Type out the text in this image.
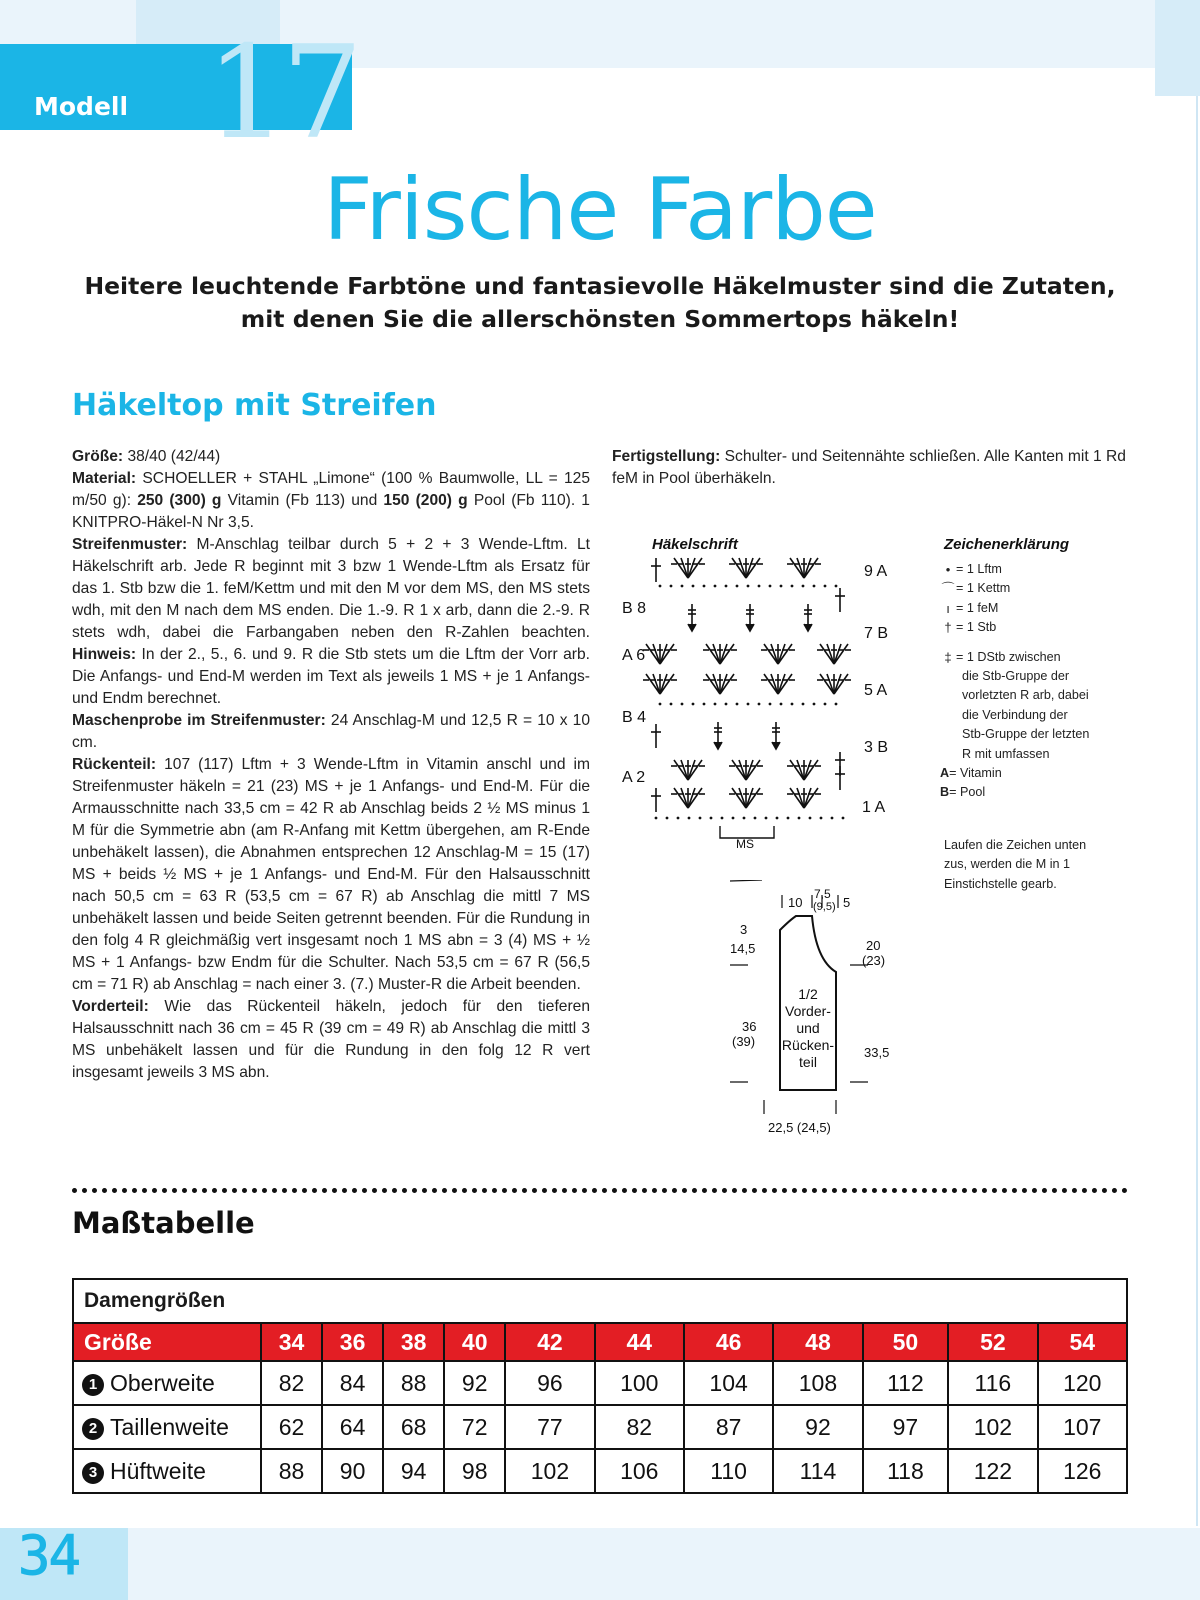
Modell 17
Frische Farbe
Heitere leuchtende Farbtöne und fantasievolle Häkelmuster sind die Zutaten,
mit denen Sie die allerschönsten Sommertops häkeln!
Häkeltop mit Streifen

Größe: 38/40 (42/44)

Material: SCHOELLER + STAHL „Limone“ (100 % Baumwolle, LL = 125 m/50 g): 250 (300) g Vitamin (Fb 113) und 150 (200) g Pool (Fb 110). 1 KNITPRO-Häkel-N Nr 3,5.

Streifenmuster: M-Anschlag teilbar durch 5 + 2 + 3 Wende-Lftm. Lt Häkelschrift arb. Jede R beginnt mit 3 bzw 1 Wende-Lftm als Ersatz für das 1. Stb bzw die 1. feM/Kettm und mit den M vor dem MS, den MS stets wdh, mit den M nach dem MS enden. Die 1.-9. R 1 x arb, dann die 2.-9. R stets wdh, dabei die Farbangaben neben den R-Zahlen beachten. Hinweis: In der 2., 5., 6. und 9. R die Stb stets um die Lftm der Vorr arb. Die Anfangs- und End-M werden im Text als jeweils 1 MS + je 1 Anfangs- und Endm berechnet.

Maschenprobe im Streifenmuster: 24 Anschlag-M und 12,5 R = 10 x 10 cm.

Rückenteil: 107 (117) Lftm + 3 Wende-Lftm in Vitamin anschl und im Streifenmuster häkeln = 21 (23) MS + je 1 Anfangs- und End-M. Für die Armausschnitte nach 33,5 cm = 42 R ab Anschlag beids 2 ½ MS minus 1 M für die Symmetrie abn (am R-Anfang mit Kettm übergehen, am R-Ende unbehäkelt lassen), die Abnahmen entsprechen 12 Anschlag-M = 15 (17) MS + beids ½ MS + je 1 Anfangs- und End-M. Für den Halsausschnitt nach 50,5 cm = 63 R (53,5 cm = 67 R) ab Anschlag die mittl 7 MS unbehäkelt lassen und beide Seiten getrennt beenden. Für die Rundung in den folg 4 R gleichmäßig vert insgesamt noch 1 MS abn = 3 (4) MS + ½ MS + 1 Anfangs- bzw Endm für die Schulter. Nach 53,5 cm = 67 R (56,5 cm = 71 R) ab Anschlag = nach einer 3. (7.) Muster-R die Arbeit beenden.

Vorderteil: Wie das Rückenteil häkeln, jedoch für den tieferen Halsausschnitt nach 36 cm = 45 R (39 cm = 49 R) ab Anschlag die mittl 3 MS unbehäkelt lassen und für die Rundung in den folg 12 R vert insgesamt jeweils 3 MS abn.

Fertigstellung: Schulter- und Seitennähte schließen. Alle Kanten mit 1 Rd feM in Pool überhäkeln.
Häkelschrift	Zeichenerklärung
9 A
B 8
7 B
A 6
5 A
B 4
3 B
A 2
1 A
MS
• = 1 Lftm
⌒ = 1 Kettm
ı = 1 feM
† = 1 Stb
‡ = 1 DStb zwischen
die Stb-Gruppe der
vorletzten R arb, dabei
die Verbindung der
Stb-Gruppe der letzten
R mit umfassen
A = Vitamin
B = Pool
Laufen die Zeichen unten
zus, werden die M in 1
Einstichstelle gearb.
10
7,5
(9,5) 5
3
14,5
36
(39)
20
(23)
33,5
22,5 (24,5)
1/2
Vorder-
und
Rücken-
teil
Maßtabelle
Damengrößen											
Größe	34	36	38	40	42	44	46	48	50	52	54
1 Oberweite	82	84	88	92	96	100	104	108	112	116	120
2 Taillenweite	62	64	68	72	77	82	87	92	97	102	107
3 Hüftweite	88	90	94	98	102	106	110	114	118	122	126
34
